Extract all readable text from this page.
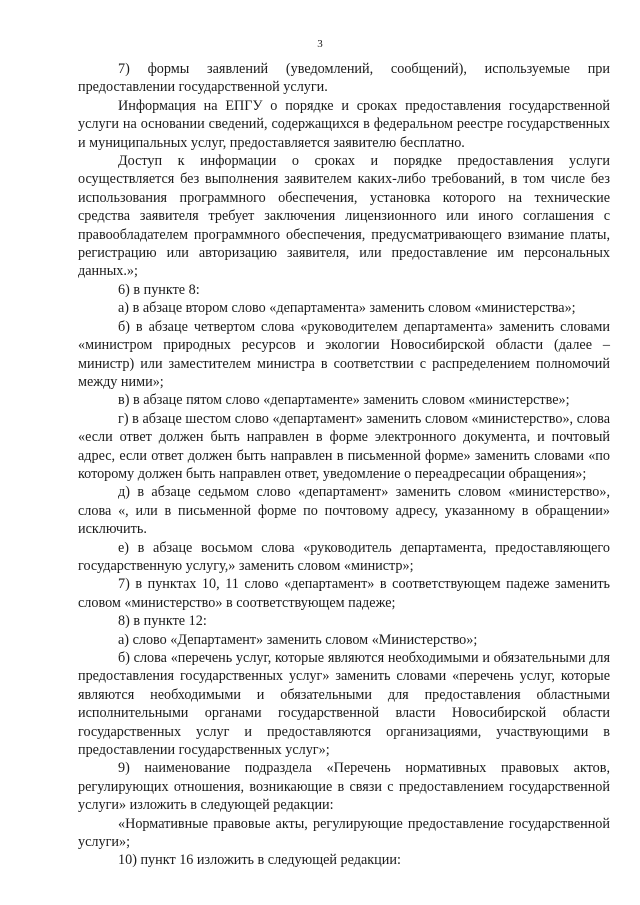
3

7) формы заявлений (уведомлений, сообщений), используемые при предоставлении государственной услуги.

Информация на ЕПГУ о порядке и сроках предоставления государственной услуги на основании сведений, содержащихся в федеральном реестре государственных и муниципальных услуг, предоставляется заявителю бесплатно.

Доступ к информации о сроках и порядке предоставления услуги осуществляется без выполнения заявителем каких-либо требований, в том числе без использования программного обеспечения, установка которого на технические средства заявителя требует заключения лицензионного или иного соглашения с правообладателем программного обеспечения, предусматривающего взимание платы, регистрацию или авторизацию заявителя, или предоставление им персональных данных.»;

6) в пункте 8:

а) в абзаце втором слово «департамента» заменить словом «министерства»;

б) в абзаце четвертом слова «руководителем департамента» заменить словами «министром природных ресурсов и экологии Новосибирской области (далее – министр) или заместителем министра в соответствии с распределением полномочий между ними»;

в) в абзаце пятом слово «департаменте» заменить словом «министерстве»;

г) в абзаце шестом слово «департамент» заменить словом «министерство», слова «если ответ должен быть направлен в форме электронного документа, и почтовый адрес, если ответ должен быть направлен в письменной форме» заменить словами «по которому должен быть направлен ответ, уведомление о переадресации обращения»;

д) в абзаце седьмом слово «департамент» заменить словом «министерство», слова «, или в письменной форме по почтовому адресу, указанному в обращении» исключить.

е) в абзаце восьмом слова «руководитель департамента, предоставляющего государственную услугу,» заменить словом «министр»;

7) в пунктах 10, 11 слово «департамент» в соответствующем падеже заменить словом «министерство» в соответствующем падеже;

8) в пункте 12:

а) слово «Департамент» заменить словом «Министерство»;

б) слова «перечень услуг, которые являются необходимыми и обязательными для предоставления государственных услуг» заменить словами «перечень услуг, которые являются необходимыми и обязательными для предоставления областными исполнительными органами государственной власти Новосибирской области государственных услуг и предоставляются организациями, участвующими в предоставлении государственных услуг»;

9) наименование подраздела «Перечень нормативных правовых актов, регулирующих отношения, возникающие в связи с предоставлением государственной услуги» изложить в следующей редакции:

«Нормативные правовые акты, регулирующие предоставление государственной услуги»;

10) пункт 16 изложить в следующей редакции:
